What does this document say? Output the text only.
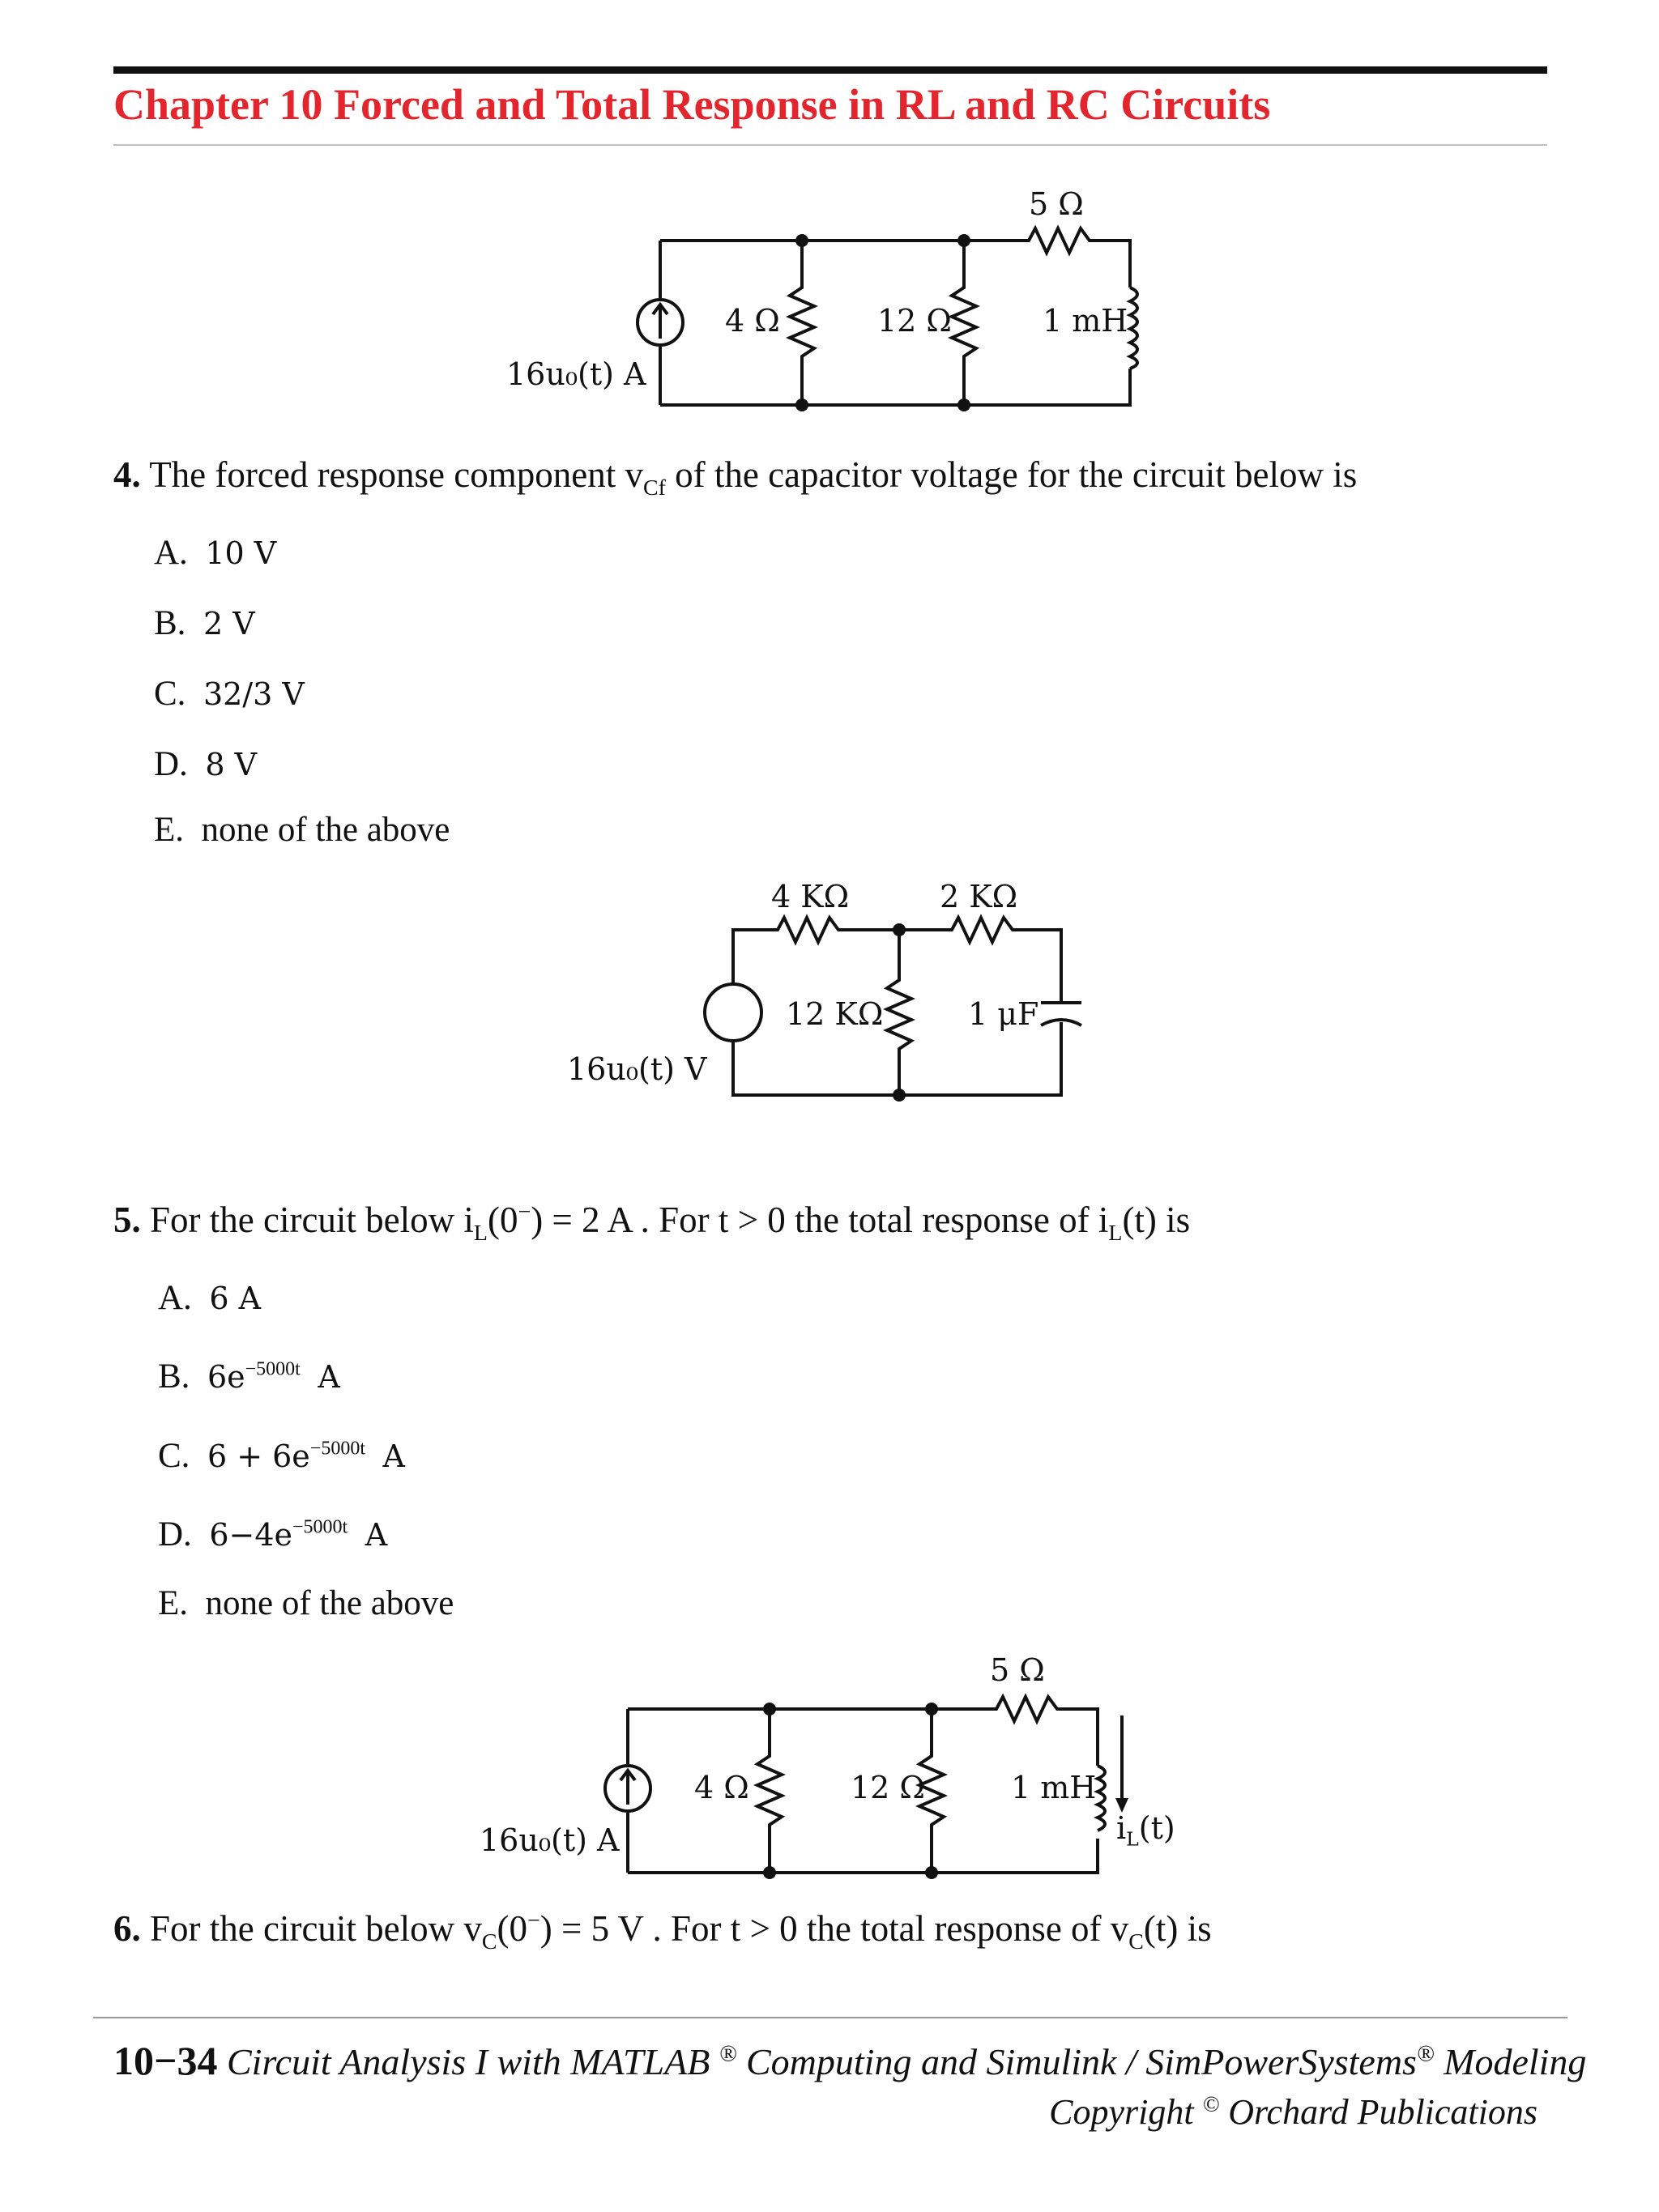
Chapter 10 Forced and Total Response in RL and RC Circuits
5 Ω
4 Ω	12 Ω	1 mH
16u₀(t) A
4. The forced response component $v_{Cf}$ of the capacitor voltage for the circuit below is
A. 10 V
B. 2 V
C. 32/3 V
D. 8 V
E. none of the above
4 KΩ	2 KΩ
12 KΩ	1 μF
16u₀(t) V
5. For the circuit below $i_L(0^-) = 2$ A . For t > 0 the total response of $i_L(t)$ is
A. 6 A
B. $6e^{-5000t}$ A
C. $6 + 6e^{-5000t}$ A
D. $6-4e^{-5000t}$ A
E. none of the above
5 Ω
4 Ω	12 Ω	1 mH
16u₀(t) A	$i_L(t)$
6. For the circuit below $v_C(0^-) = 5$ V . For t > 0 the total response of $v_C(t)$ is
10−34 Circuit Analysis I with MATLAB ® Computing and Simulink / SimPowerSystems® Modeling
Copyright © Orchard Publications
